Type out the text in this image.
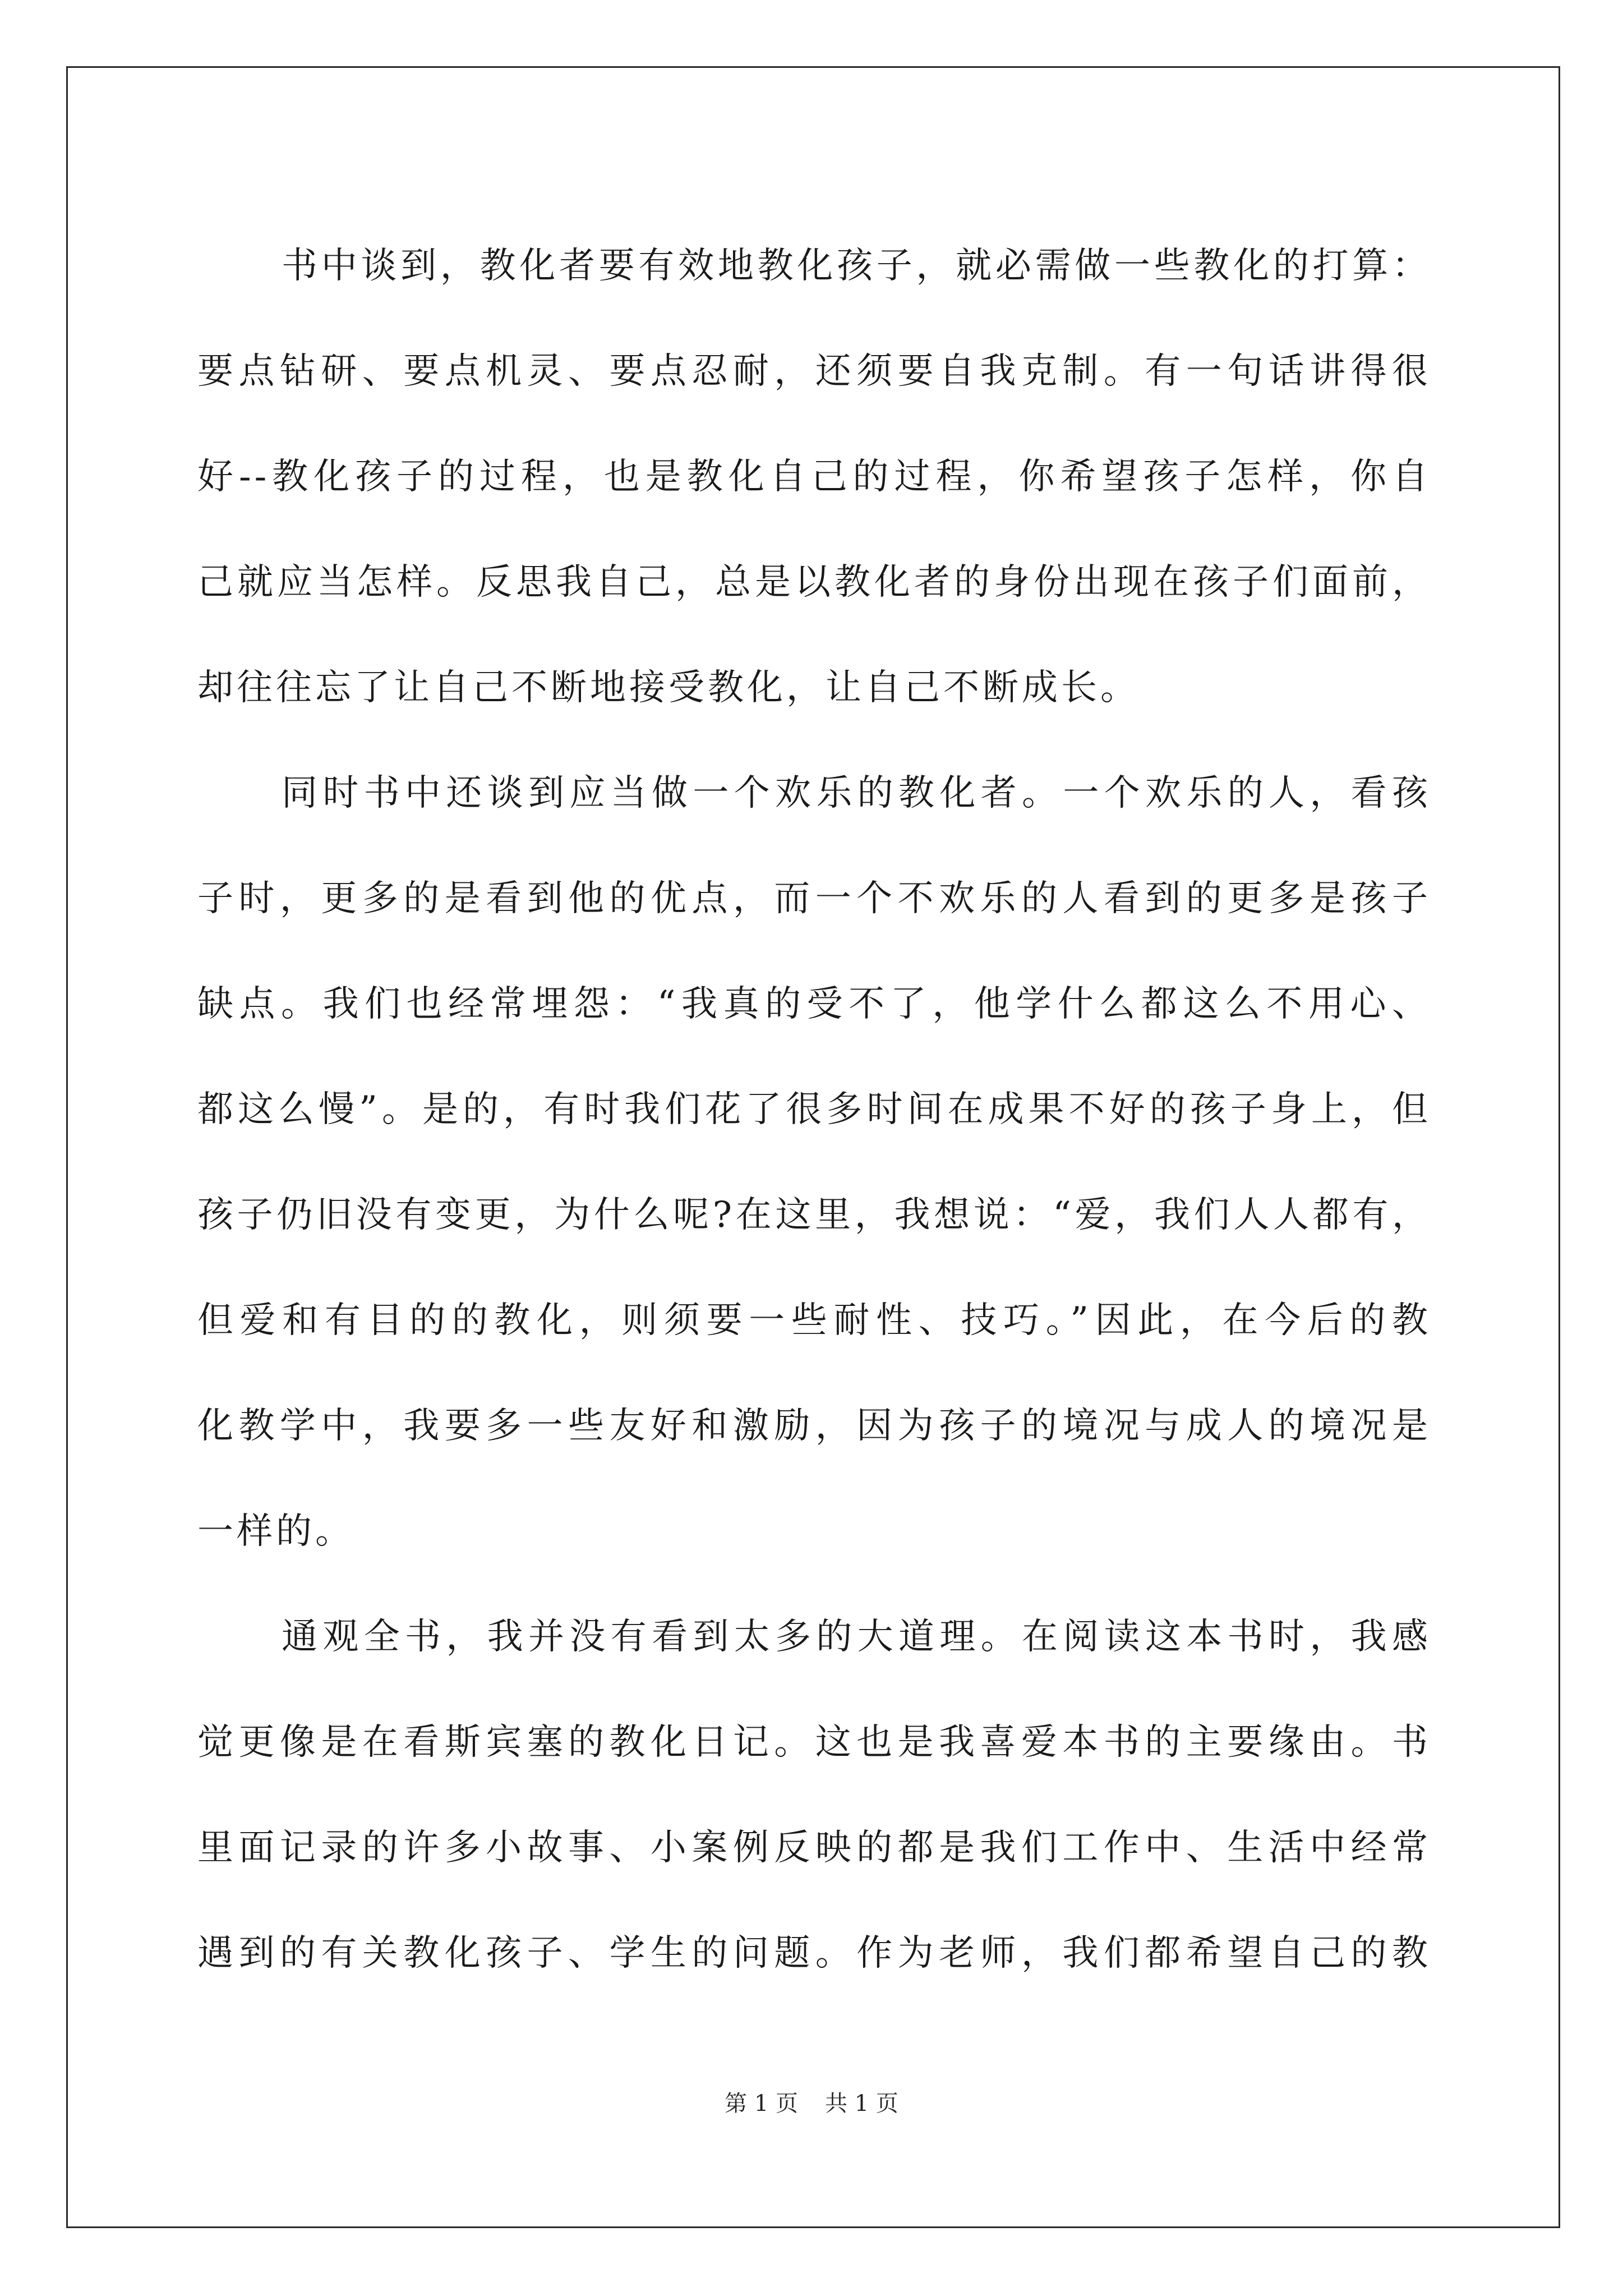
书中谈到，教化者要有效地教化孩子，就必需做一些教化的打算：
要点钻研、要点机灵、要点忍耐，还须要自我克制。有一句话讲得很
好--教化孩子的过程，也是教化自己的过程，你希望孩子怎样，你自
己就应当怎样。反思我自己，总是以教化者的身份出现在孩子们面前，
却往往忘了让自己不断地接受教化，让自己不断成长。
同时书中还谈到应当做一个欢乐的教化者。一个欢乐的人，看孩
子时，更多的是看到他的优点，而一个不欢乐的人看到的更多是孩子
缺点。我们也经常埋怨：“我真的受不了，他学什么都这么不用心、
都这么慢”。是的，有时我们花了很多时间在成果不好的孩子身上，但
孩子仍旧没有变更，为什么呢?在这里，我想说：“爱，我们人人都有，
但爱和有目的的教化，则须要一些耐性、技巧。”因此，在今后的教
化教学中，我要多一些友好和激励，因为孩子的境况与成人的境况是
一样的。
通观全书，我并没有看到太多的大道理。在阅读这本书时，我感
觉更像是在看斯宾塞的教化日记。这也是我喜爱本书的主要缘由。书
里面记录的许多小故事、小案例反映的都是我们工作中、生活中经常
遇到的有关教化孩子、学生的问题。作为老师，我们都希望自己的教
第 1 页 共 1 页
